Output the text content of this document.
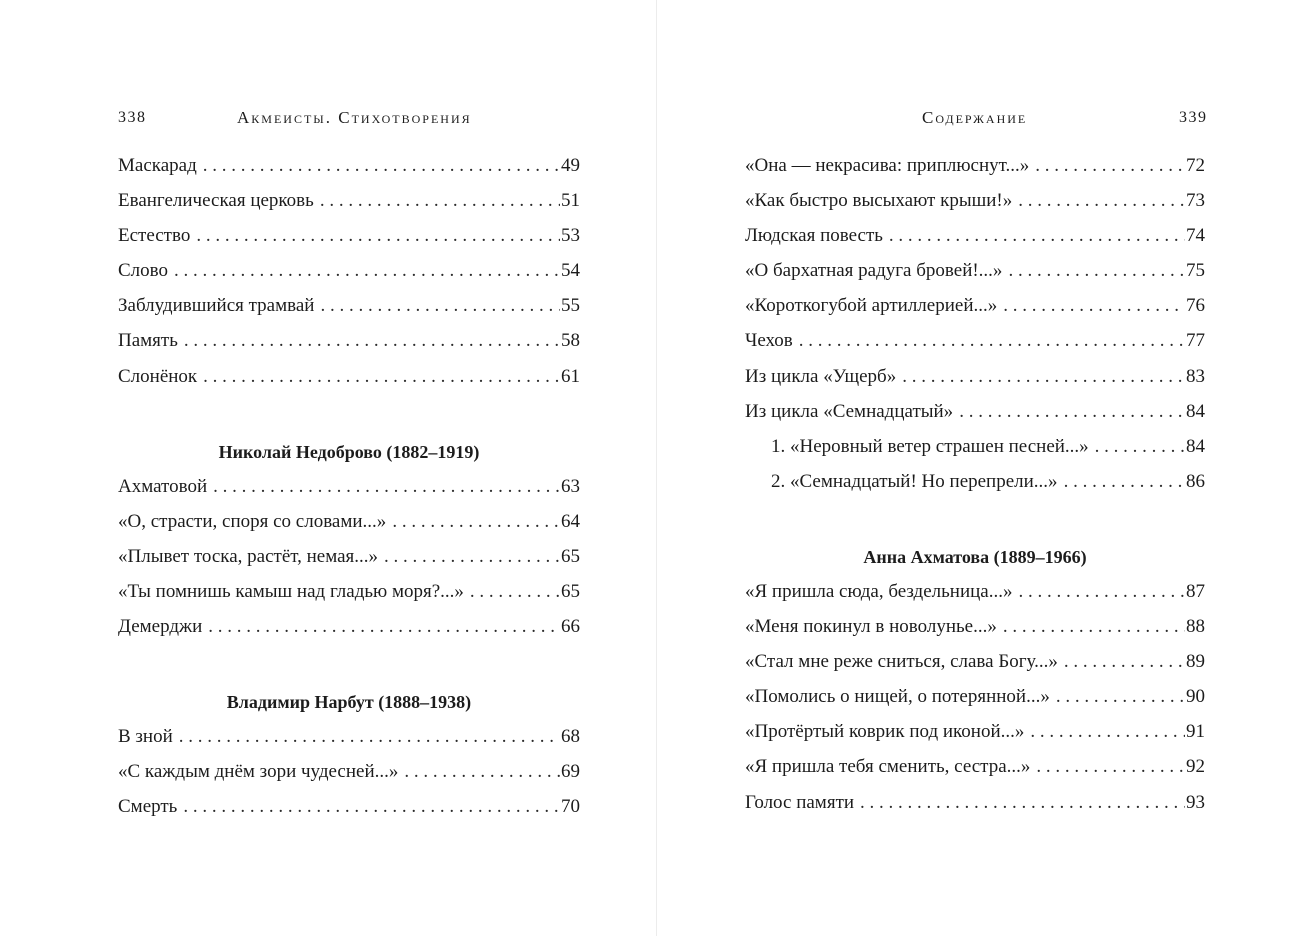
338	Акмеисты. Стихотворения
Маскарад . . .	49
Евангелическая церковь . . .	51
Естество . . .	53
Слово . . .	54
Заблудившийся трамвай . . .	55
Память . . .	58
Слонёнок . . .	61
Николай Недоброво (1882–1919)
Ахматовой . . .	63
«О, страсти, споря со словами...» . . .	64
«Плывет тоска, растёт, немая...» . . .	65
«Ты помнишь камыш над гладью моря?...» . . .	65
Демерджи . . .	66
Владимир Нарбут (1888–1938)
В зной . . .	68
«С каждым днём зори чудесней...» . . .	69
Смерть . . .	70
Содержание	339
«Она — некрасива: приплюснут...» . . .	72
«Как быстро высыхают крыши!» . . .	73
Людская повесть . . .	74
«О бархатная радуга бровей!...» . . .	75
«Короткогубой артиллерией...» . . .	76
Чехов . . .	77
Из цикла «Ущерб» . . .	83
Из цикла «Семнадцатый» . . .	84
1. «Неровный ветер страшен песней...» . . .	84
2. «Семнадцатый! Но перепрели...» . . .	86
Анна Ахматова (1889–1966)
«Я пришла сюда, бездельница...» . . .	87
«Меня покинул в новолунье...» . . .	88
«Стал мне реже сниться, слава Богу...» . . .	89
«Помолись о нищей, о потерянной...» . . .	90
«Протёртый коврик под иконой...» . . .	91
«Я пришла тебя сменить, сестра...» . . .	92
Голос памяти . . .	93
